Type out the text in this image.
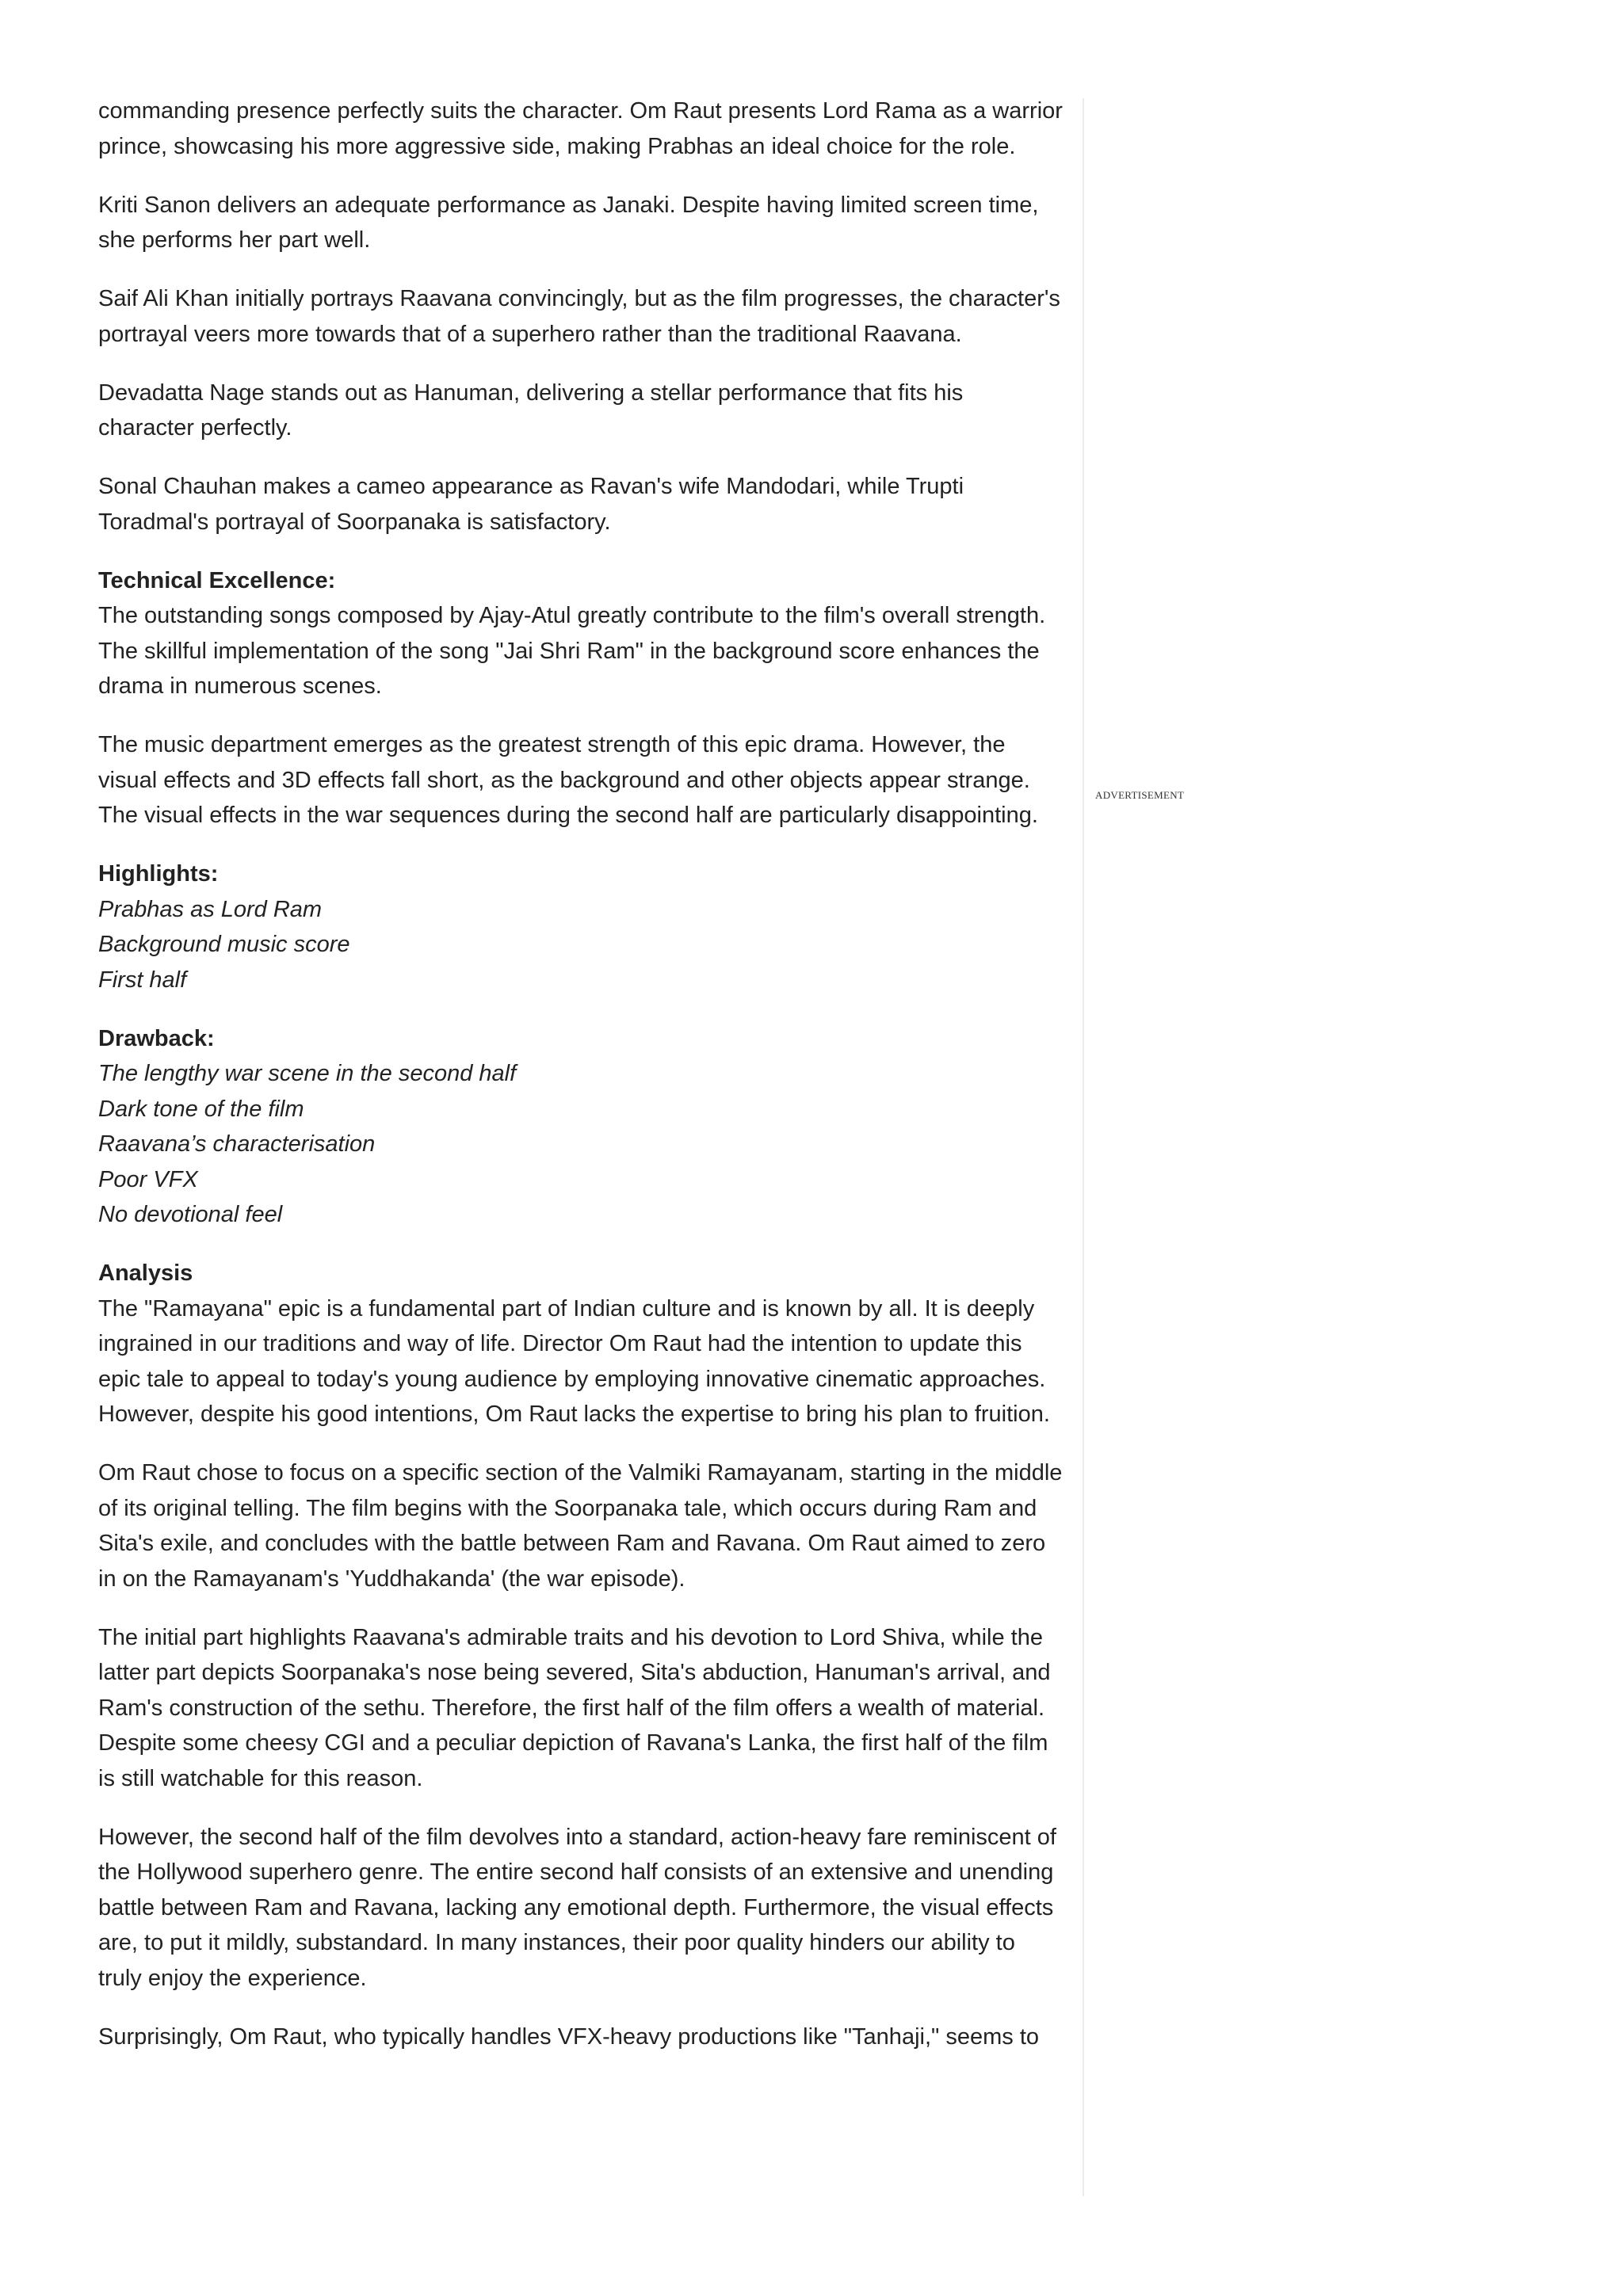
commanding presence perfectly suits the character. Om Raut presents Lord Rama as a warrior prince, showcasing his more aggressive side, making Prabhas an ideal choice for the role.

Kriti Sanon delivers an adequate performance as Janaki. Despite having limited screen time, she performs her part well.

Saif Ali Khan initially portrays Raavana convincingly, but as the film progresses, the character's portrayal veers more towards that of a superhero rather than the traditional Raavana.

Devadatta Nage stands out as Hanuman, delivering a stellar performance that fits his character perfectly.

Sonal Chauhan makes a cameo appearance as Ravan's wife Mandodari, while Trupti Toradmal's portrayal of Soorpanaka is satisfactory.

Technical Excellence:
The outstanding songs composed by Ajay-Atul greatly contribute to the film's overall strength. The skillful implementation of the song "Jai Shri Ram" in the background score enhances the drama in numerous scenes.

The music department emerges as the greatest strength of this epic drama. However, the visual effects and 3D effects fall short, as the background and other objects appear strange. The visual effects in the war sequences during the second half are particularly disappointing.

Highlights:
Prabhas as Lord Ram
Background music score
First half

Drawback:
The lengthy war scene in the second half
Dark tone of the film
Raavana’s characterisation
Poor VFX
No devotional feel

Analysis
The "Ramayana" epic is a fundamental part of Indian culture and is known by all. It is deeply ingrained in our traditions and way of life. Director Om Raut had the intention to update this epic tale to appeal to today's young audience by employing innovative cinematic approaches. However, despite his good intentions, Om Raut lacks the expertise to bring his plan to fruition.

Om Raut chose to focus on a specific section of the Valmiki Ramayanam, starting in the middle of its original telling. The film begins with the Soorpanaka tale, which occurs during Ram and Sita's exile, and concludes with the battle between Ram and Ravana. Om Raut aimed to zero in on the Ramayanam's 'Yuddhakanda' (the war episode).

The initial part highlights Raavana's admirable traits and his devotion to Lord Shiva, while the latter part depicts Soorpanaka's nose being severed, Sita's abduction, Hanuman's arrival, and Ram's construction of the sethu. Therefore, the first half of the film offers a wealth of material. Despite some cheesy CGI and a peculiar depiction of Ravana's Lanka, the first half of the film is still watchable for this reason.

However, the second half of the film devolves into a standard, action-heavy fare reminiscent of the Hollywood superhero genre. The entire second half consists of an extensive and unending battle between Ram and Ravana, lacking any emotional depth. Furthermore, the visual effects are, to put it mildly, substandard. In many instances, their poor quality hinders our ability to truly enjoy the experience.

Surprisingly, Om Raut, who typically handles VFX-heavy productions like "Tanhaji," seems to

ADVERTISEMENT
